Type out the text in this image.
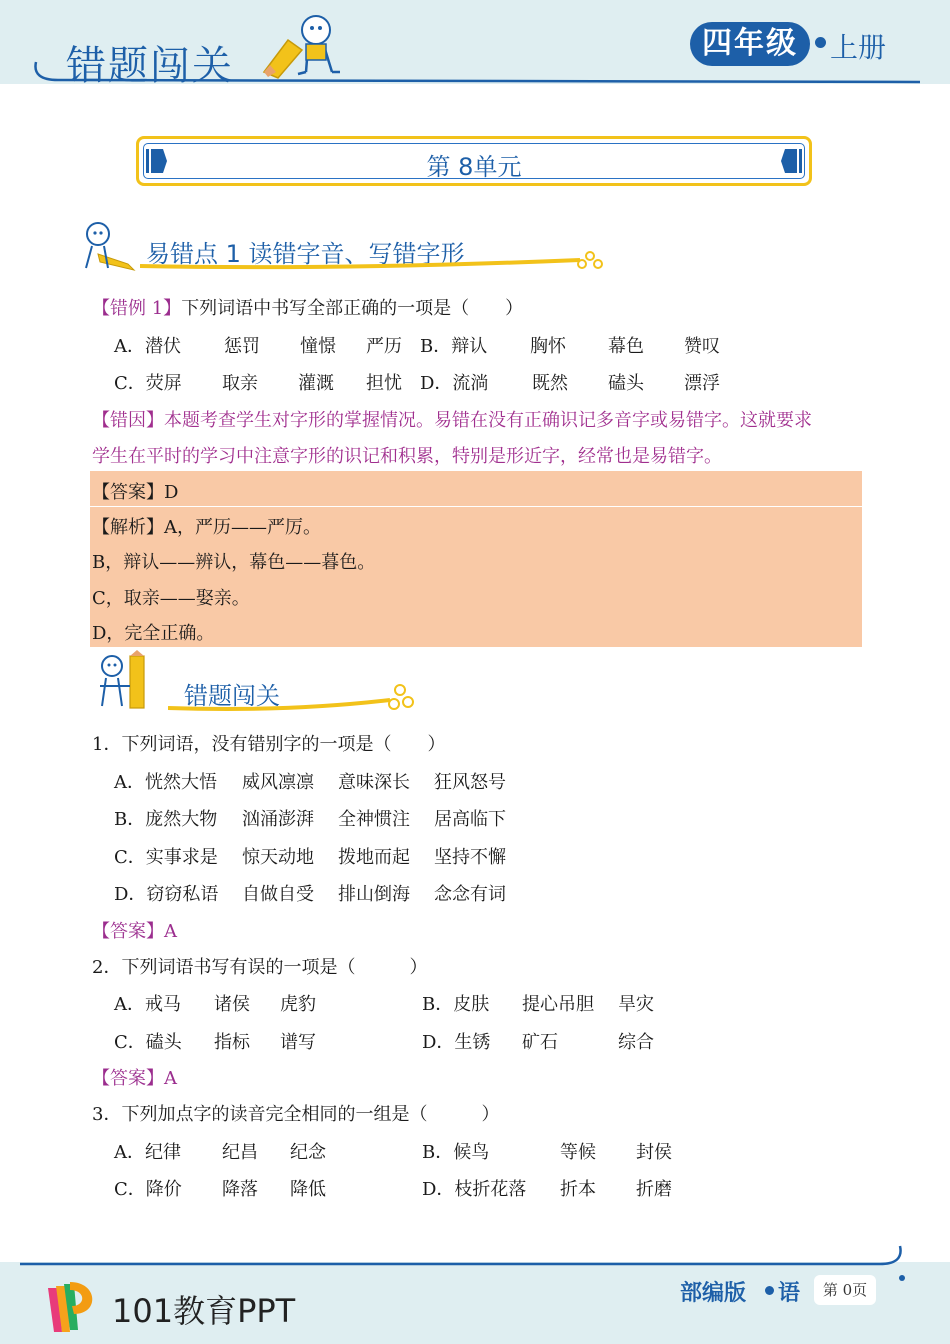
错题闯关	四年级	上册
第 8单元
易错点 1 读错字音、写错字形
【错例 1】下列词语中书写全部正确的一项是（　　）
A．潜伏 惩罚 憧憬 严历 B．辩认 胸怀 幕色 赞叹
C．荧屏 取亲 灌溉 担忧 D．流淌 既然 磕头 漂浮
【错因】本题考查学生对字形的掌握情况。易错在没有正确识记多音字或易错字。这就要求
学生在平时的学习中注意字形的识记和积累，特别是形近字，经常也是易错字。
【答案】D
【解析】A，严历——严厉。
B，辩认——辨认，幕色——暮色。
C，取亲——娶亲。
D，完全正确。
错题闯关
1．下列词语，没有错别字的一项是（　　）
A．恍然大悟 威风凛凛 意味深长 狂风怒号
B．庞然大物 汹涌澎湃 全神惯注 居高临下
C．实事求是 惊天动地 拨地而起 坚持不懈
D．窃窃私语 自做自受 排山倒海 念念有词
【答案】A
2．下列词语书写有误的一项是（　　　）
A．戒马 诸侯 虎豹	B．皮肤 提心吊胆 旱灾
C．磕头 指标 谱写	D．生锈 矿石	综合
【答案】A
3．下列加点字的读音完全相同的一组是（　　　）
A．纪律 纪昌 纪念	B．候鸟	等候 封侯
C．降价 降落 降低	D．枝折花落 折本 折磨
101教育PPT	部编版 语	第 0页
